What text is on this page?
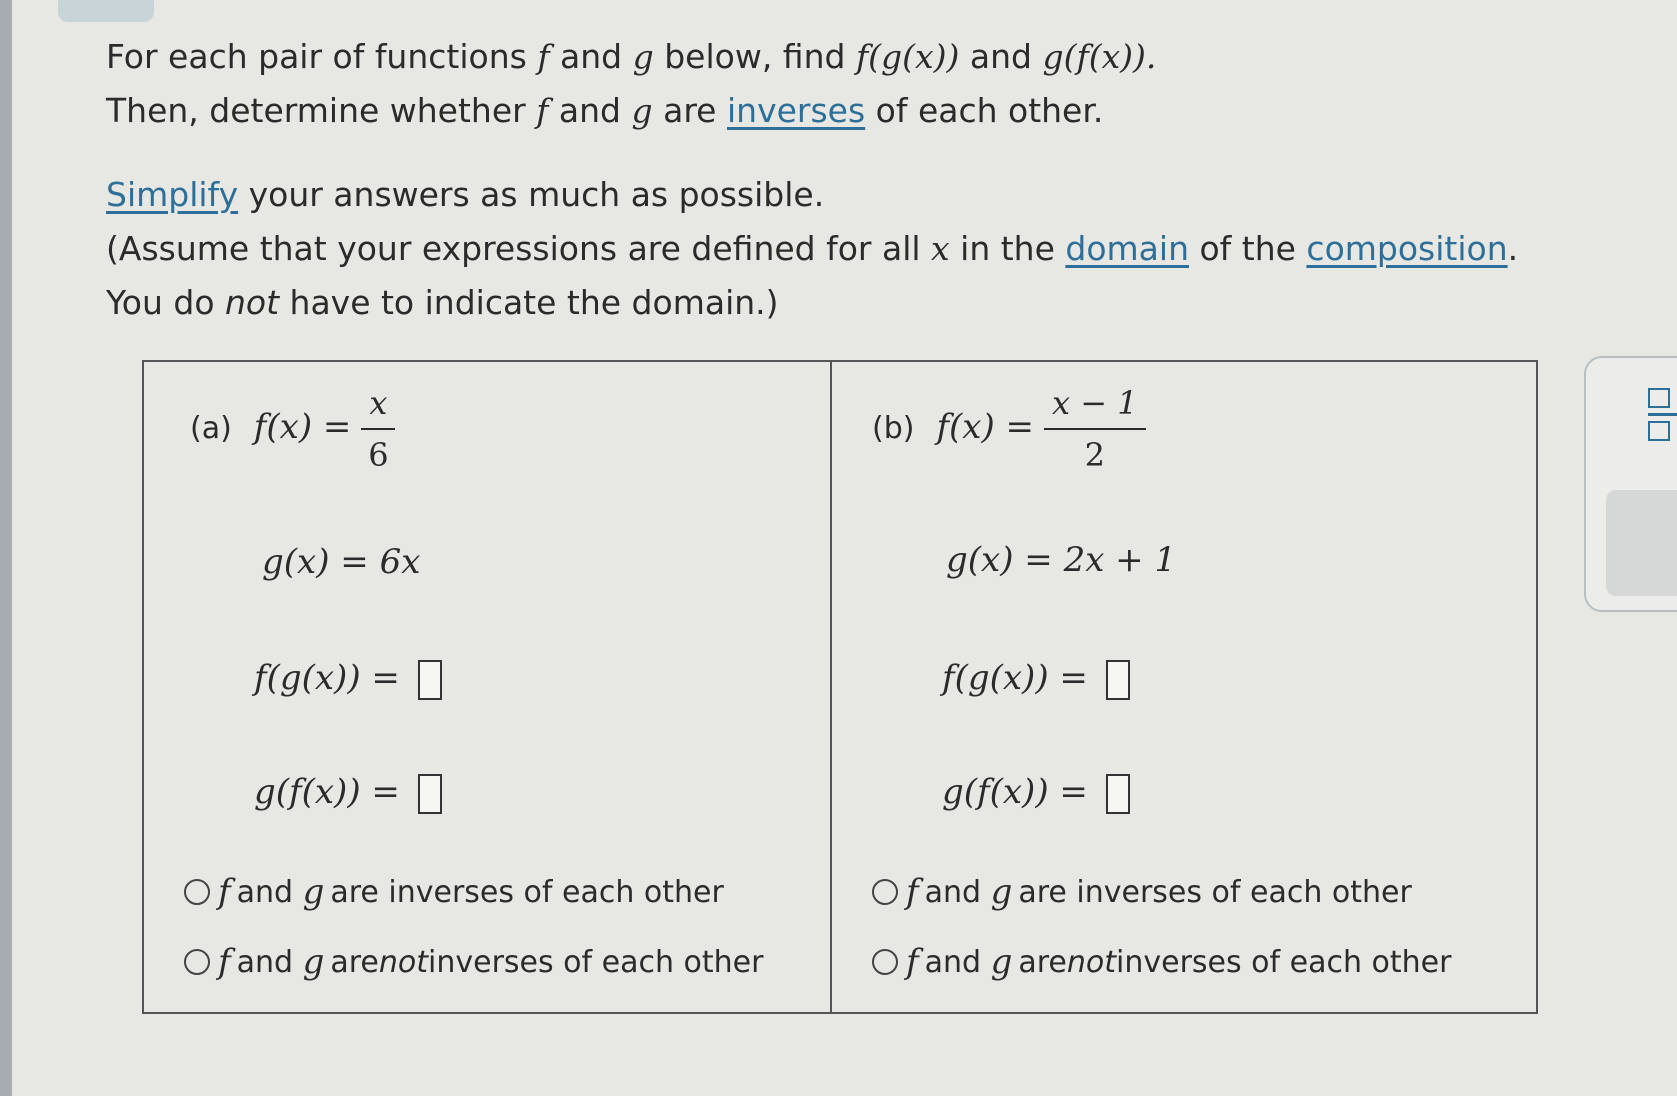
For each pair of functions f and g below, find f(g(x)) and g(f(x)).
Then, determine whether f and g are inverses of each other.
Simplify your answers as much as possible.
(Assume that your expressions are defined for all x in the domain of the composition.
You do not have to indicate the domain.)
(a) $f(x) = \frac{x}{6}$
g(x) = 6x
f(g(x)) =
g(f(x)) =
f and
g are inverses of each other
f and
g are not inverses of each other
(b) $f(x) = \frac{x - 1}{2}$
g(x) = 2x + 1
f(g(x)) =
g(f(x)) =
f and
g are inverses of each other
f and
g are not inverses of each other
